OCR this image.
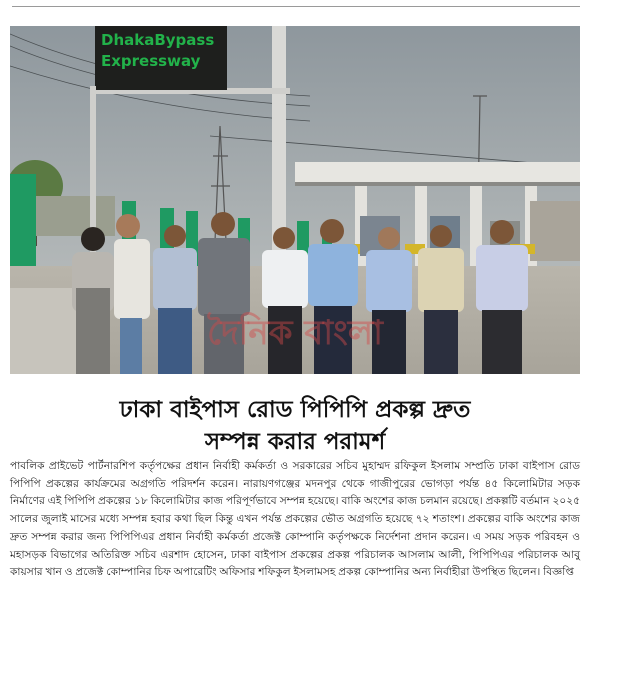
DhakaBypass
Expressway
দৈনিক বাংলা
ঢাকা বাইপাস রোড পিপিপি প্রকল্প দ্রুত
সম্পন্ন করার পরামর্শ
পাবলিক প্রাইভেট পার্টনারশিপ কর্তৃপক্ষের প্রধান নির্বাহী কর্মকর্তা ও সরকারের সচিব মুহাম্মদ রফিকুল ইসলাম সম্প্রতি ঢাকা বাইপাস রোড পিপিপি প্রকল্পের কার্যক্রমের অগ্রগতি পরিদর্শন করেন। নারায়ণগঞ্জের মদনপুর থেকে গাজীপুরের ভোগড়া পর্যন্ত ৪৫ কিলোমিটার সড়ক নির্মাণের এই পিপিপি প্রকল্পের ১৮ কিলোমিটার কাজ পরিপূর্ণভাবে সম্পন্ন হয়েছে। বাকি অংশের কাজ চলমান রয়েছে। প্রকল্পটি বর্তমান ২০২৫ সালের জুলাই মাসের মধ্যে সম্পন্ন হবার কথা ছিল কিন্তু এখন পর্যন্ত প্রকল্পের ভৌত অগ্রগতি হয়েছে ৭২ শতাংশ। প্রকল্পের বাকি অংশের কাজ দ্রুত সম্পন্ন করার জন্য পিপিপিএর প্রধান নির্বাহী কর্মকর্তা প্রজেক্ট কোম্পানি কর্তৃপক্ষকে নির্দেশনা প্রদান করেন। এ সময় সড়ক পরিবহন ও মহাসড়ক বিভাগের অতিরিক্ত সচিব এরশাদ হোসেন, ঢাকা বাইপাস প্রকল্পের প্রকল্প পরিচালক আসলাম আলী, পিপিপিএর পরিচালক আবু কায়সার খান ও প্রজেক্ট কোম্পানির চিফ অপারেটিং অফিসার শফিকুল ইসলামসহ প্রকল্প কোম্পানির অন্য নির্বাহীরা উপস্থিত ছিলেন। বিজ্ঞপ্তি
